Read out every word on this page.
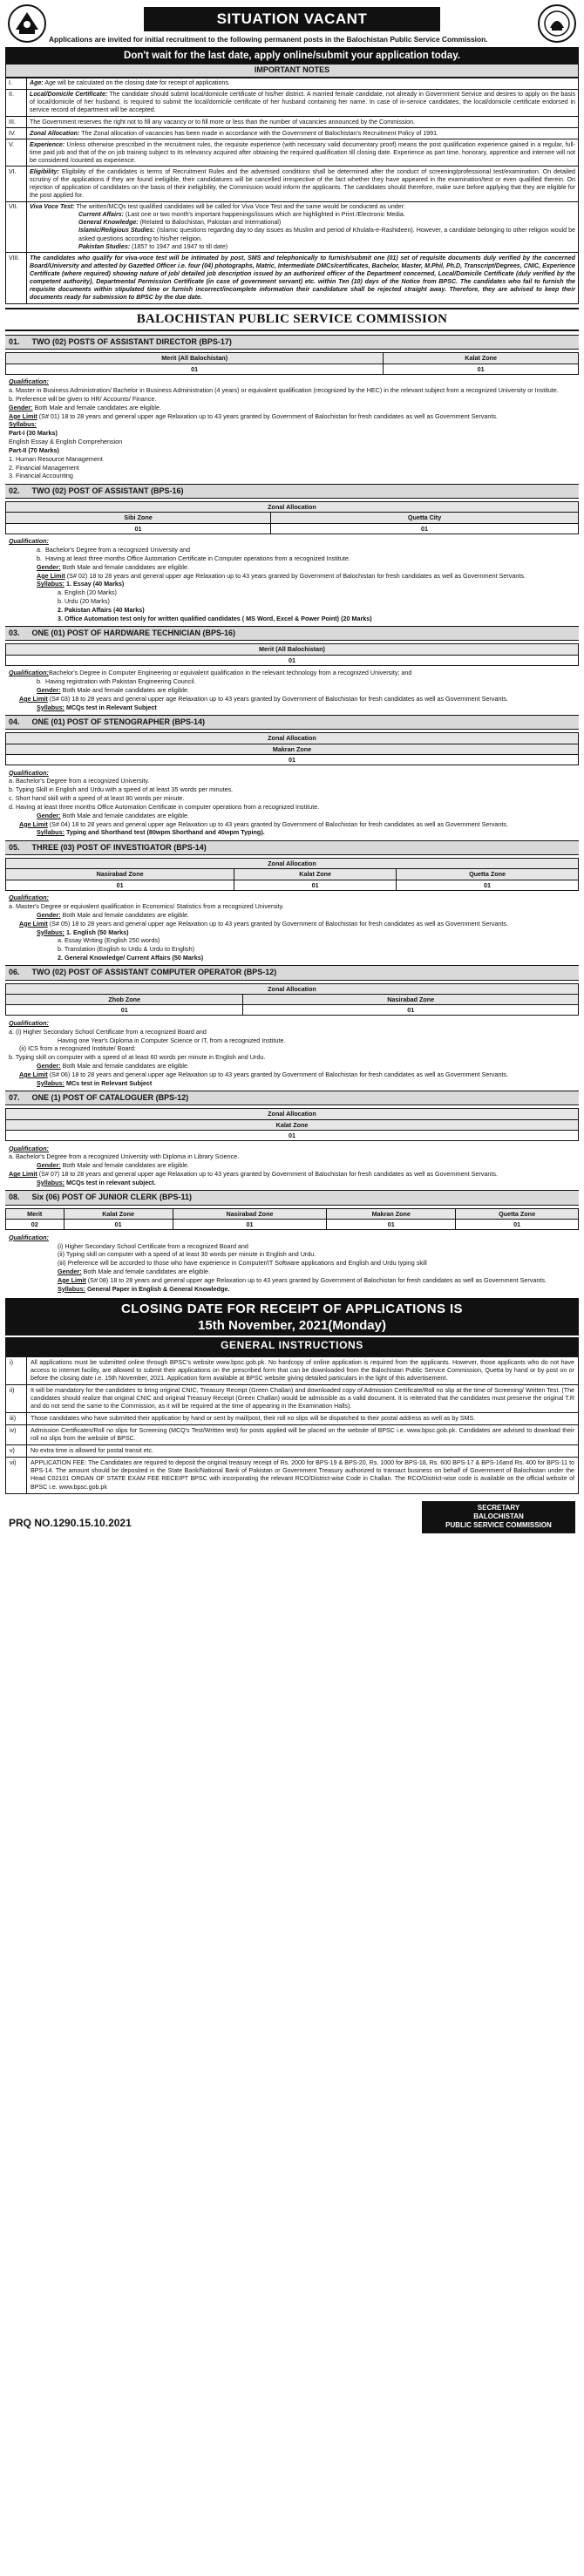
SITUATION VACANT
Applications are invited for initial recruitment to the following permanent posts in the Balochistan Public Service Commission.
Don't wait for the last date, apply online/submit your application today.
IMPORTANT NOTES
I.	Age: Age will be calculated on the closing date for receipt of applications.
II.	Local/Domicile Certificate: The candidate should submit local/domicile certificate of his/her district. A married female candidate, not already in Government Service and desires to apply on the basis of local/domicile of her husband, is required to submit the local/domicile certificate of her husband containing her name. In case of in-service candidates, the local/domicile certificate endorsed in service record of department will be accepted.
III.	The Government reserves the right not to fill any vacancy or to fill more or less than the number of vacancies announced by the Commission.
IV.	Zonal Allocation: The Zonal allocation of vacancies has been made in accordance with the Government of Balochistan's Recruitment Policy of 1991.
V.	Experience: Unless otherwise prescribed in the recruitment rules, the requisite experience (with necessary valid documentary proof) means the post qualification experience gained in a regular, full-time paid job and that of the on job training subject to its relevancy acquired after obtaining the required qualification till closing date. Experience as part time, honorary, apprentice and internee will not be considered /counted as experience.
VI.	Eligibility: Eligibility of the candidates is terms of Recruitment Rules and the advertised conditions shall be determined after the conduct of screening/professional test/examination. On detailed scrutiny of the applications if they are found ineligible, their candidatures will be cancelled irrespective of the fact whether they have appeared in the examination/test or even qualified therein. On rejection of application of candidates on the basis of their ineligibility, the Commission would inform the applicants. The candidates should therefore, make sure before applying that they are eligible for the post applied for.
VII.	Viva Voce Test: The written/MCQs test qualified candidates will be called for Viva Voce Test and the same would be conducted as under:

Current Affairs: (Last one or two month's important happenings/issues which are highlighted in Print /Electronic Media.

General Knowledge: (Related to Balochistan, Pakistan and International)

Islamic/Religious Studies: (Islamic questions regarding day to day issues as Muslim and period of Khulafa-e-Rashideen). However, a candidate belonging to other religion would be asked questions according to his/her religion.

Pakistan Studies: (1857 to 1947 and 1947 to till date)

VIII.	The candidates who qualify for viva-voce test will be intimated by post, SMS and telephonically to furnish/submit one (01) set of requisite documents duly verified by the concerned Board/University and attested by Gazetted Officer i.e. four (04) photographs, Matric, Intermediate DMCs/certificates, Bachelor, Master, M.Phil, Ph.D, Transcript/Degrees, CNIC, Experience Certificate (where required) showing nature of job/ detailed job description issued by an authorized officer of the Department concerned, Local/Domicile Certificate (duly verified by the competent authority), Departmental Permission Certificate (in case of government servant) etc. within Ten (10) days of the Notice from BPSC. The candidates who fail to furnish the requisite documents within stipulated time or furnish incorrect/incomplete information their candidature shall be rejected straight away. Therefore, they are advised to keep their documents ready for submission to BPSC by the due date.
BALOCHISTAN PUBLIC SERVICE COMMISSION
01. TWO (02) POSTS OF ASSISTANT DIRECTOR (BPS-17)
Merit (All Balochistan)	Kalat Zone
01	01

Qualification:

a. Master in Business Administration/ Bachelor in Business Administration (4 years) or equivalent qualification (recognized by the HEC) in the relevant subject from a recognized University or Institute.

b. Preference will be given to HR/ Accounts/ Finance.

Gender: Both Male and female candidates are eligible.

Age Limit (S# 01) 18 to 28 years and general upper age Relaxation up to 43 years granted by Government of Balochistan for fresh candidates as well as Government Servants.

Syllabus:

Part-I (30 Marks)

English Essay & English Comprehension

Part-II (70 Marks)

1. Human Resource Management

2. Financial Management

3. Financial Accounting

02. TWO (02) POST OF ASSISTANT (BPS-16)
Zonal Allocation	
Sibi Zone	Quetta City
01	01

Qualification:

a.  Bachelor's Degree from a recognized University and

b.  Having at least three months Office Automation Certificate in Computer operations from a recognized Institute.

Gender: Both Male and female candidates are eligible.

Age Limit (S# 02) 18 to 28 years and general upper age Relaxation up to 43 years granted by Government of Balochistan for fresh candidates as well as Government Servants.

Syllabus: 1. Essay (40 Marks)

a. English (20 Marks)

b. Urdu (20 Marks)

2. Pakistan Affairs (40 Marks)

3. Office Automation test only for written qualified candidates ( MS Word, Excel & Power Point) (20 Marks)

03. ONE (01) POST OF HARDWARE TECHNICIAN (BPS-16)
Merit (All Balochistan)
01

Qualification:Bachelor's Degree in Computer Engineering or equivalent qualification in the relevant technology from a recognized University; and

b.  Having registration with Pakistan Engineering Council.

Gender: Both Male and female candidates are eligible.

Age Limit (S# 03) 18 to 28 years and general upper age Relaxation up to 43 years granted by Government of Balochistan for fresh candidates as well as Government Servants.

Syllabus: MCQs test in Relevant Subject

04. ONE (01) POST OF STENOGRAPHER (BPS-14)
Zonal Allocation
Makran Zone
01

Qualification:

a. Bachelor's Degree from a recognized University.

b. Typing Skill in English and Urdu with a speed of at least 35 words per minutes.

c. Short hand skill with a speed of at least 80 words per minute.

d. Having at least three months Office Automation Certificate in computer operations from a recognized Institute.

Gender: Both Male and female candidates are eligible.

Age Limit (S# 04) 18 to 28 years and general upper age Relaxation up to 43 years granted by Government of Balochistan for fresh candidates as well as Government Servants.

Syllabus: Typing and Shorthand test (80wpm Shorthand and 40wpm Typing).

05. THREE (03) POST OF INVESTIGATOR (BPS-14)
Zonal Allocation		
Nasirabad Zone	Kalat Zone	Quetta Zone
01	01	01

Qualification:

a. Master's Degree or equivalent qualification in Economics/ Statistics from a recognized University.

Gender: Both Male and female candidates are eligible.

Age Limit (S# 05) 18 to 28 years and general upper age Relaxation up to 43 years granted by Government of Balochistan for fresh candidates as well as Government Servants.

Syllabus: 1. English (50 Marks)

a. Essay Writing (English 250 words)

b. Translation (English to Urdu & Urdu to English)

2. General Knowledge/ Current Affairs (50 Marks)

06. TWO (02) POST OF ASSISTANT COMPUTER OPERATOR (BPS-12)
Zonal Allocation	
Zhob Zone	Nasirabad Zone
01	01

Qualification:

a. (i) Higher Secondary School Certificate from a recognized Board and

Having one Year's Diploma in Computer Science or IT, from a recognized Institute.

(ii) ICS from a recognized Institute/ Board:

b. Typing skill on computer with a speed of at least 60 words per minute in English and Urdu.

Gender: Both Male and female candidates are eligible.

Age Limit (S# 06) 18 to 28 years and general upper age Relaxation up to 43 years granted by Government of Balochistan for fresh candidates as well as Government Servants.

Syllabus: MCs test in Relevant Subject

07. ONE (1) POST OF CATALOGUER (BPS-12)
Zonal Allocation
Kalat Zone
01

Qualification:

a. Bachelor's Degree from a recognized University with Diploma in Library Science.

Gender: Both Male and female candidates are eligible.

Age Limit (S# 07) 18 to 28 years and general upper age Relaxation up to 43 years granted by Government of Balochistan for fresh candidates as well as Government Servants.

Syllabus: MCQs test in relevant subject.

08. Six (06) POST OF JUNIOR CLERK (BPS-11)
Merit	Kalat Zone	Nasirabad Zone	Makran Zone	Quetta Zone
02	01	01	01	01

Qualification:

(i) Higher Secondary School Certificate from a recognized Board and

(ii) Typing skill on computer with a speed of at least 30 words per minute in English and Urdu.

(iii) Preference will be accorded to those who have experience in Computer/IT Software applications and English and Urdu typing skill

Gender: Both Male and female candidates are eligible.

Age Limit (S# 08) 18 to 28 years and general upper age Relaxation up to 43 years granted by Government of Balochistan for fresh candidates as well as Government Servants.

Syllabus: General Paper in English & General Knowledge.

CLOSING DATE FOR RECEIPT OF APPLICATIONS IS
15th November, 2021(Monday)
GENERAL INSTRUCTIONS
i)	All applications must be submitted online through BPSC's website www.bpsc.gob.pk. No hardcopy of online application is required from the applicants. However, those applicants who do not have access to internet facility, are allowed to submit their applications on the prescribed form that can be downloaded from the Balochistan Public Service Commission, Quetta by hand or by post on or before the closing date i.e. 15th November, 2021. Application form available at BPSC website giving detailed particulars in the light of this advertisement.
ii)	It will be mandatory for the candidates to bring original CNIC, Treasury Receipt (Green Challan) and downloaded copy of Admission Certificate/Roll no slip at the time of Screening/ Written Test. (The candidates should realize that original CNIC and original Treasury Receipt (Green Challan) would be admissible as a valid document. It is reiterated that the candidates must preserve the original T.R and do not send the same to the Commission, as it will be required at the time of appearing in the Examination Halls).
iii)	Those candidates who have submitted their application by hand or sent by mail/post, their roll no slips will be dispatched to their postal address as well as by SMS.
iv)	Admission Certificates/Roll no slips for Screening (MCQ's Test/Written test) for posts applied will be placed on the website of BPSC i.e. www.bpsc.gob.pk. Candidates are advised to download their roll no slips from the website of BPSC.
v)	No extra time is allowed for postal transit etc.
vi)	APPLICATION FEE: The Candidates are required to deposit the original treasury receipt of Rs. 2000 for BPS-19 & BPS-20, Rs. 1000 for BPS-18, Rs. 600 BPS-17 & BPS-16and Rs. 400 for BPS-11 to BPS-14. The amount should be deposited in the State Bank/National Bank of Pakistan or Government Treasury authorized to transact business on behalf of Government of Balochistan under the Head C02101 ORGAN OF STATE EXAM FEE RECEIPT BPSC with incorporating the relevant RCO/District-wise Code in Challan. The RCO/District-wise code is available on the official website of BPSC i.e. www.bpsc.gob.pk
PRQ NO.1290.15.10.2021
SECRETARY
BALOCHISTAN
PUBLIC SERVICE COMMISSION
